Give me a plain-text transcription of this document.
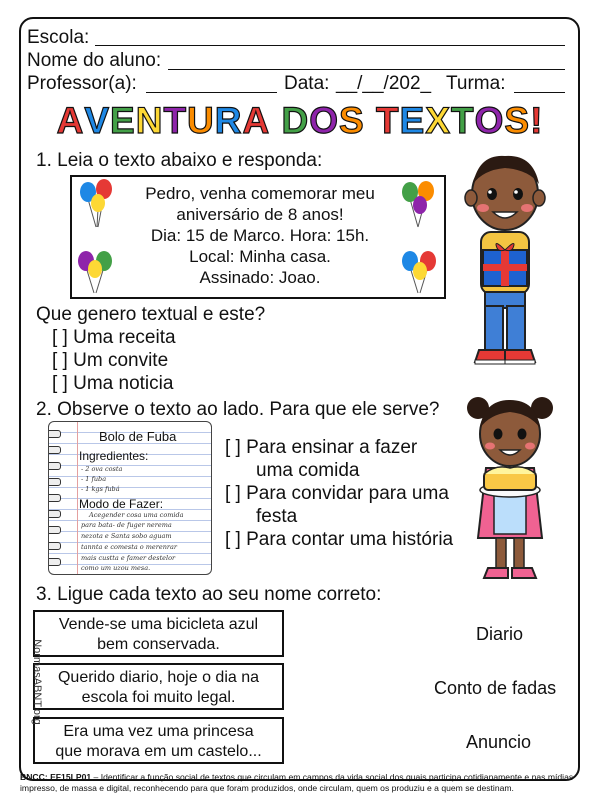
Escola:
Nome do aluno:
Professor(a):	Data: __/__/202_ Turma:
AVENTURA DOS TEXTOS!
1. Leia o texto abaixo e responda:
Pedro, venha comemorar meu
aniversário de 8 anos!
Dia: 15 de Marco. Hora: 15h.
Local: Minha casa.
Assinado: Joao.
Que genero textual e este?
[ ] Uma receita
[ ] Um convite
[ ] Uma noticia
2. Observe o texto ao lado. Para que ele serve?
Bolo de Fuba
Ingredientes:
- 2 ova costa
- 1 fuba
- 1 kgs fubá
Modo de Fazer:
Acegender cosa uma comida
para bata- de fuger nerema
nezota e Santa sobo aguam
tannta e comesta o merenrar
mais custta e famer destelor
como um uzou mesa.
[ ] Para ensinar a fazer
uma comida
[ ] Para convidar para uma
festa
[ ] Para contar uma história
3. Ligue cada texto ao seu nome correto:
Vende-se uma bicicleta azul
bem conservada.
Querido diario, hoje o dia na
escola foi muito legal.
Era uma vez uma princesa
que morava em um castelo...
Diario
Conto de fadas
Anuncio
NormasABNT.org
BNCC: EF15LP01 – Identificar a função social de textos que circulam em campos da vida social dos quais participa cotidianamente e nas mídias impresso, de massa e digital, reconhecendo para que foram produzidos, onde circulam, quem os produziu e a quem se destinam.
